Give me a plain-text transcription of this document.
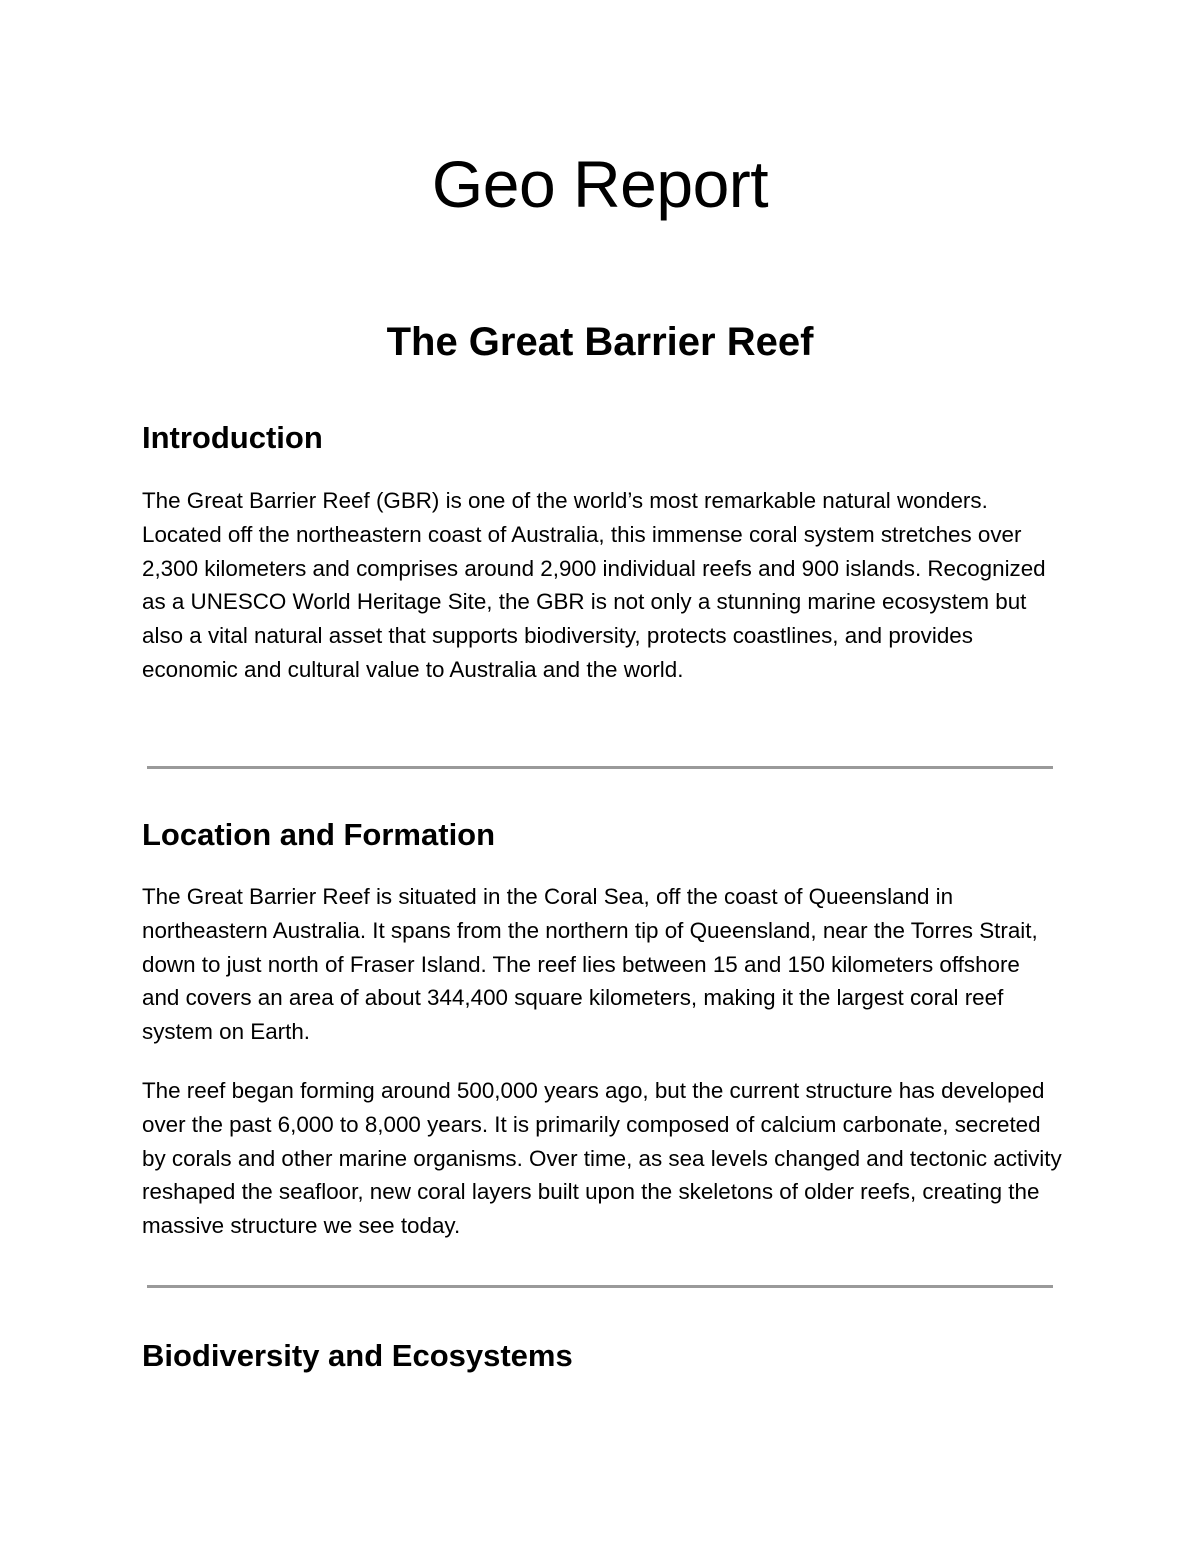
Geo Report
The Great Barrier Reef
Introduction

The Great Barrier Reef (GBR) is one of the world’s most remarkable natural wonders. Located off the northeastern coast of Australia, this immense coral system stretches over 2,300 kilometers and comprises around 2,900 individual reefs and 900 islands. Recognized as a UNESCO World Heritage Site, the GBR is not only a stunning marine ecosystem but also a vital natural asset that supports biodiversity, protects coastlines, and provides economic and cultural value to Australia and the world.

Location and Formation

The Great Barrier Reef is situated in the Coral Sea, off the coast of Queensland in northeastern Australia. It spans from the northern tip of Queensland, near the Torres Strait, down to just north of Fraser Island. The reef lies between 15 and 150 kilometers offshore and covers an area of about 344,400 square kilometers, making it the largest coral reef system on Earth.

The reef began forming around 500,000 years ago, but the current structure has developed over the past 6,000 to 8,000 years. It is primarily composed of calcium carbonate, secreted by corals and other marine organisms. Over time, as sea levels changed and tectonic activity reshaped the seafloor, new coral layers built upon the skeletons of older reefs, creating the massive structure we see today.

Biodiversity and Ecosystems
